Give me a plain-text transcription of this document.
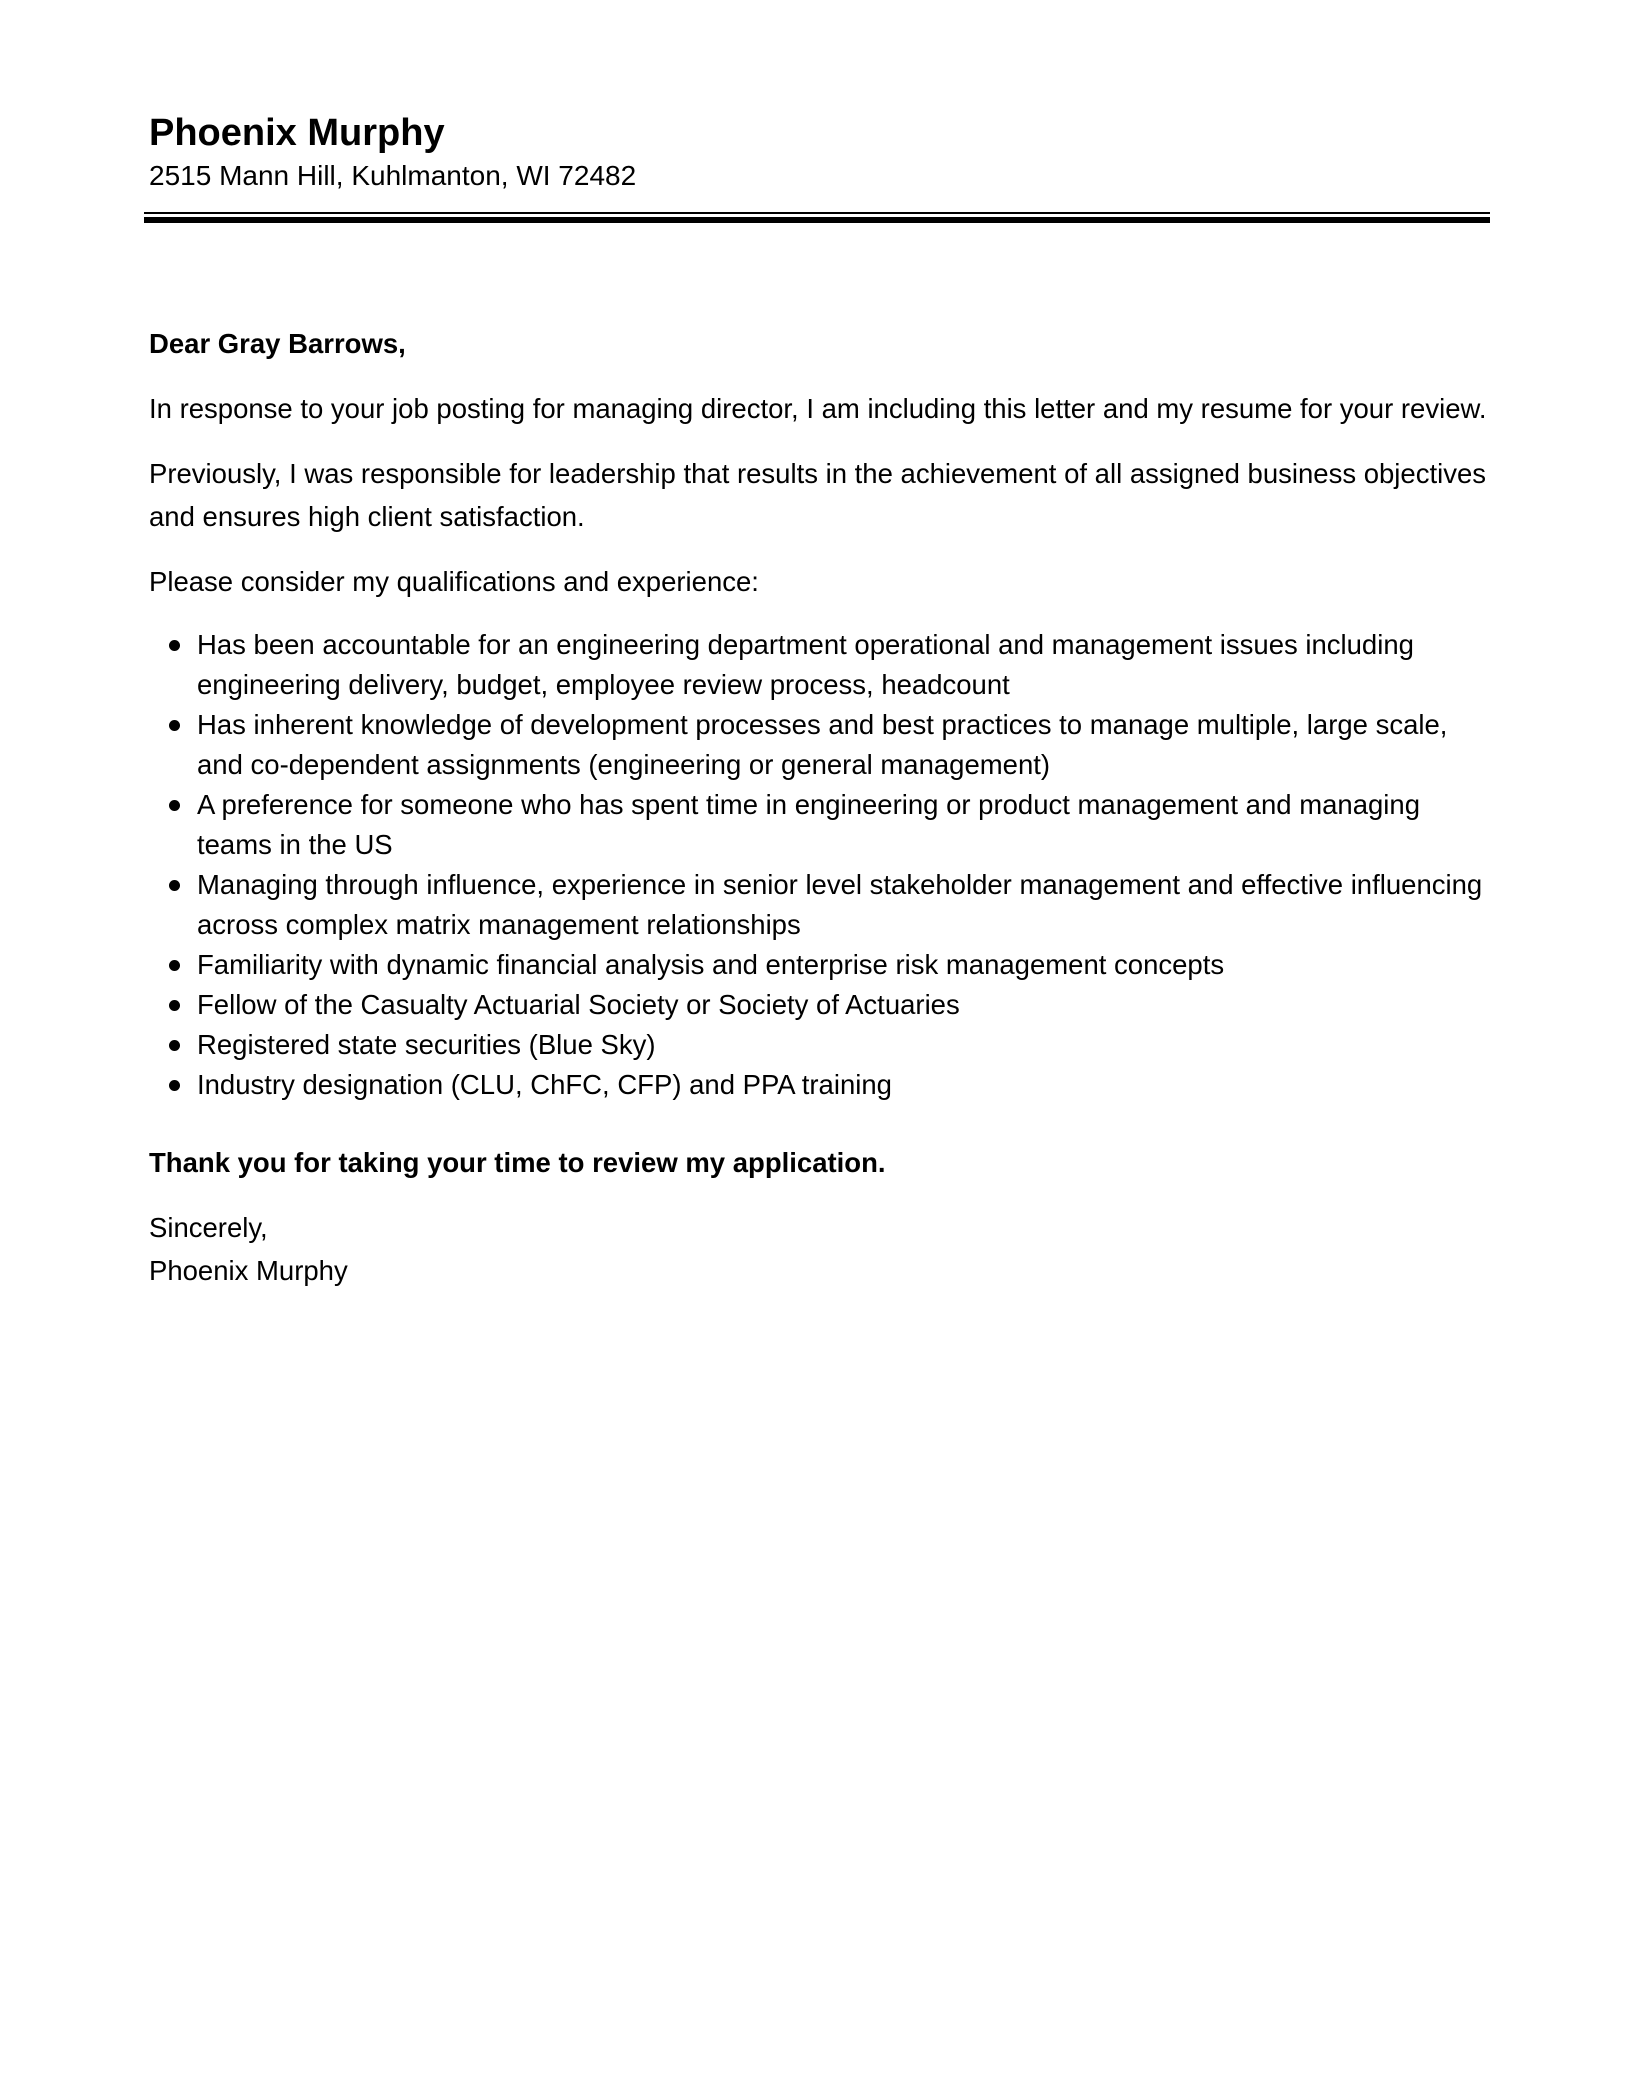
Phoenix Murphy
2515 Mann Hill, Kuhlmanton, WI 72482

Dear Gray Barrows,

In response to your job posting for managing director, I am including this letter and my resume for your review.

Previously, I was responsible for leadership that results in the achievement of all assigned business objectives and ensures high client satisfaction.

Please consider my qualifications and experience:

Has been accountable for an engineering department operational and management issues including engineering delivery, budget, employee review process, headcount
Has inherent knowledge of development processes and best practices to manage multiple, large scale, and co-dependent assignments (engineering or general management)
A preference for someone who has spent time in engineering or product management and managing teams in the US
Managing through influence, experience in senior level stakeholder management and effective influencing across complex matrix management relationships
Familiarity with dynamic financial analysis and enterprise risk management concepts
Fellow of the Casualty Actuarial Society or Society of Actuaries
Registered state securities (Blue Sky)
Industry designation (CLU, ChFC, CFP) and PPA training

Thank you for taking your time to review my application.

Sincerely,

Phoenix Murphy
